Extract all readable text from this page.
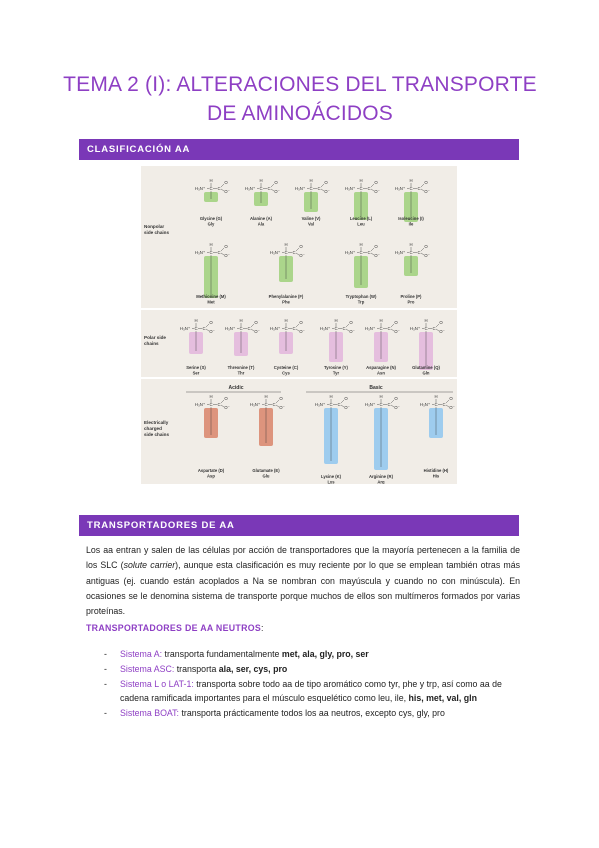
TEMA 2 (I): ALTERACIONES DEL TRANSPORTE
DE AMINOÁCIDOS
CLASIFICACIÓN AA
Nonpolar
side chains
Polar side
chains
Electrically
charged
side chains
Acidic	Basic
H
H₃N⁺ C C
O
O⁻
Glycine (G)
Gly
H
H₃N⁺ C C
O
O⁻
Alanine (A)
Ala
H
H₃N⁺ C C
O
O⁻
Valine (V)
Val
H
H₃N⁺ C C
O
O⁻
Leucine (L)
Leu
H
H₃N⁺ C C
O
O⁻
Isoleucine (I)
Ile
H
H₃N⁺ C C
O
O⁻
Methionine (M)
Met
H
H₃N⁺ C C
O
O⁻
Phenylalanine (F)
Phe
H
H₃N⁺ C C
O
O⁻
Tryptophan (W)
Trp
H
H₃N⁺ C C
O
O⁻
Proline (P)
Pro
H
H₃N⁺ C C
O
O⁻
Serine (S)
Ser
H
H₃N⁺ C C
O
O⁻
Threonine (T)
Thr
H
H₃N⁺ C C
O
O⁻
Cysteine (C)
Cys
H
H₃N⁺ C C
O
O⁻
Tyrosine (Y)
Tyr
H
H₃N⁺ C C
O
O⁻
Asparagine (N)
Asn
H
H₃N⁺ C C
O
O⁻
Glutamine (Q)
Gln
H
H₃N⁺ C C
O
O⁻
Aspartate (D)
Asp
H
H₃N⁺ C C
O
O⁻
Glutamate (E)
Glu
H
H₃N⁺ C C
O
O⁻
Lysine (K)
Lys
H
H₃N⁺ C C
O
O⁻
Arginine (R)
Arg
H
H₃N⁺ C C
O
O⁻
Histidine (H)
His
TRANSPORTADORES DE AA
Los aa entran y salen de las células por acción de transportadores que la mayoría pertenecen a la familia de los SLC (solute carrier), aunque esta clasificación es muy reciente por lo que se emplean también otras más antiguas (ej. cuando están acoplados a Na se nombran con mayúscula y cuando no con minúscula). En ocasiones se le denomina sistema de transporte porque muchos de ellos son multímeros formados por varias proteínas.
TRANSPORTADORES DE AA NEUTROS:
- Sistema A: transporta fundamentalmente met, ala, gly, pro, ser
- Sistema ASC: transporta ala, ser, cys, pro
- Sistema L o LAT-1: transporta sobre todo aa de tipo aromático como tyr, phe y trp, así como aa de cadena ramificada importantes para el músculo esquelético como leu, ile, his, met, val, gln
- Sistema BOAT: transporta prácticamente todos los aa neutros, excepto cys, gly, pro
